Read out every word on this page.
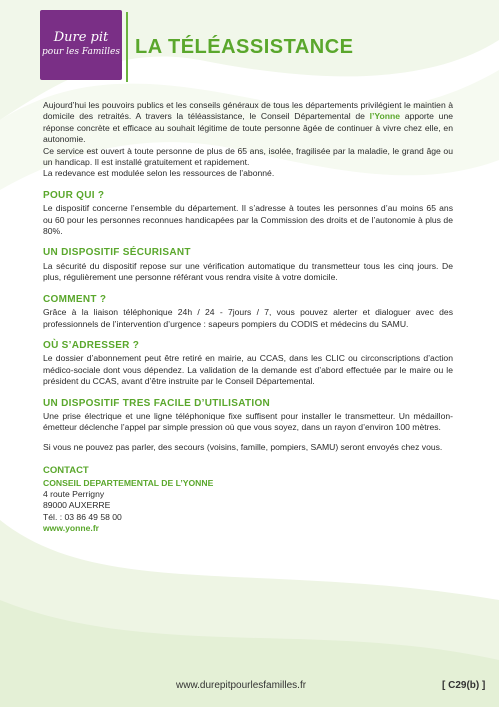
Dure pit
pour les Familles LA TÉLÉASSISTANCE

Aujourd’hui les pouvoirs publics et les conseils généraux de tous les départements privilégient le maintien à domicile des retraités. A travers la téléassistance, le Conseil Départemental de l’Yonne apporte une réponse concrète et efficace au souhait légitime de toute personne âgée de continuer à vivre chez elle, en autonomie.

Ce service est ouvert à toute personne de plus de 65 ans, isolée, fragilisée par la maladie, le grand âge ou un handicap. Il est installé gratuitement et rapidement.

La redevance est modulée selon les ressources de l’abonné.

POUR QUI ?

Le dispositif concerne l’ensemble du département. Il s’adresse à toutes les personnes d’au moins 65 ans ou 60 pour les personnes reconnues handicapées par la Commission des droits et de l’autonomie à plus de 80%.

UN DISPOSITIF SÉCURISANT

La sécurité du dispositif repose sur une vérification automatique du transmetteur tous les cinq jours. De plus, régulièrement une personne référant vous rendra visite à votre domicile.

COMMENT ?

Grâce à la liaison téléphonique 24h / 24 - 7jours / 7, vous pouvez alerter et dialoguer avec des professionnels de l’intervention d’urgence : sapeurs pompiers du CODIS et médecins du SAMU.

OÙ S’ADRESSER ?

Le dossier d’abonnement peut être retiré en mairie, au CCAS, dans les CLIC ou circonscriptions d’action médico-sociale dont vous dépendez. La validation de la demande est d’abord effectuée par le maire ou le président du CCAS, avant d’être instruite par le Conseil Départemental.

UN DISPOSITIF TRES FACILE D’UTILISATION

Une prise électrique et une ligne téléphonique fixe suffisent pour installer le transmetteur. Un médaillon-émetteur déclenche l’appel par simple pression où que vous soyez, dans un rayon d’environ 100 mètres.

Si vous ne pouvez pas parler, des secours (voisins, famille, pompiers, SAMU) seront envoyés chez vous.

CONTACT

CONSEIL DEPARTEMENTAL DE L’YONNE

4 route Perrigny

89000 AUXERRE

Tél. : 03 86 49 58 00

www.yonne.fr

www.durepitpourlesfamilles.fr	[ C29(b) ]
